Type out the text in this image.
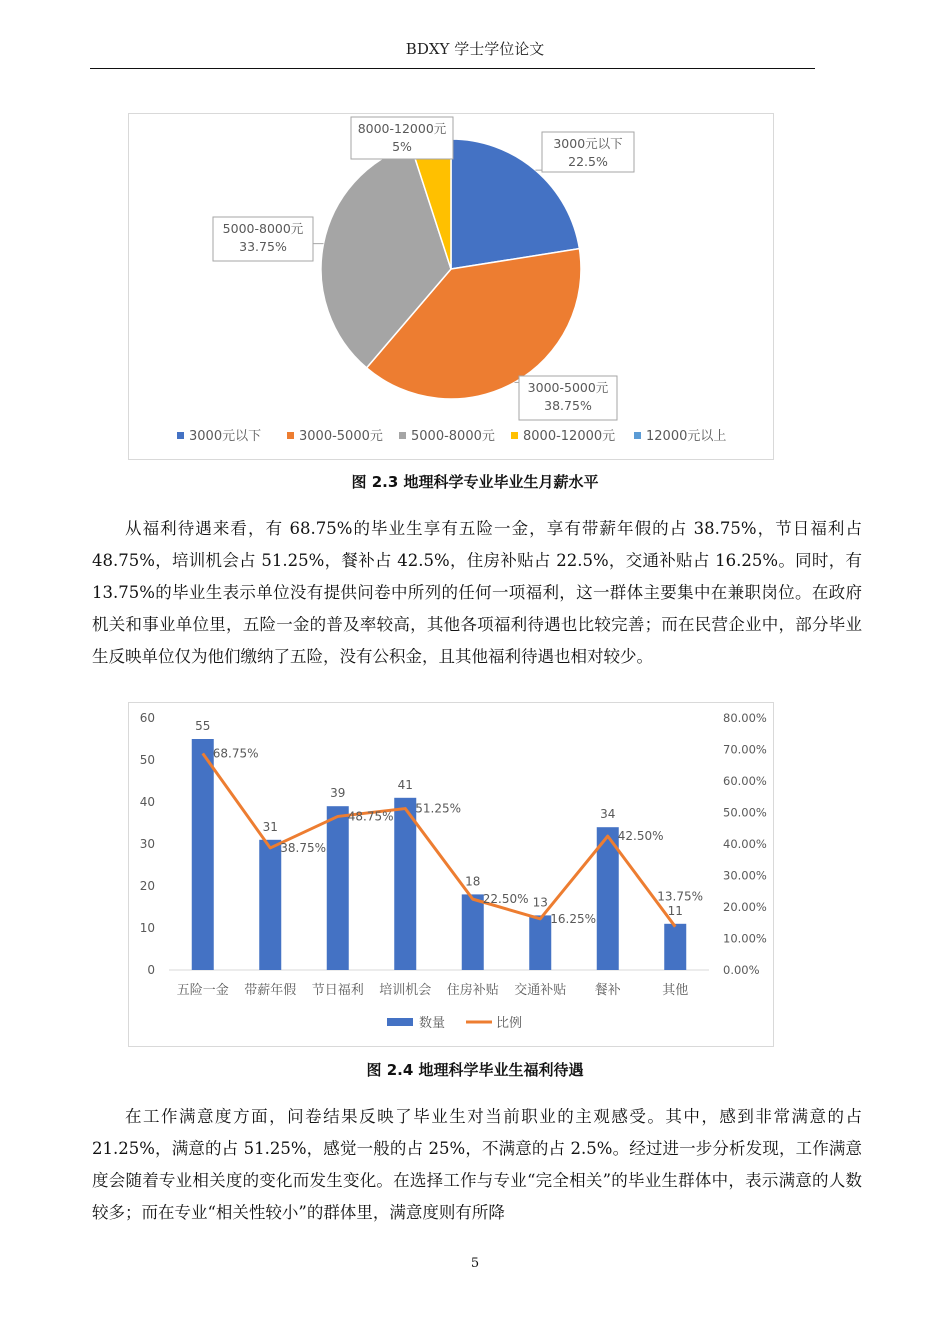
BDXY 学士学位论文
3000元以下
22.5%
3000-5000元
38.75%
5000-8000元
33.75%
8000-12000元
5%
3000元以下	3000-5000元 5000-8000元 8000-12000元 12000元以上
图 2.3 地理科学专业毕业生月薪水平
从福利待遇来看，有 68.75%的毕业生享有五险一金，享有带薪年假的占 38.75%，节日福利占 48.75%，培训机会占 51.25%，餐补占 42.5%，住房补贴占 22.5%，交通补贴占 16.25%。同时，有 13.75%的毕业生表示单位没有提供问卷中所列的任何一项福利，这一群体主要集中在兼职岗位。在政府机关和事业单位里，五险一金的普及率较高，其他各项福利待遇也比较完善；而在民营企业中，部分毕业生反映单位仅为他们缴纳了五险，没有公积金，且其他福利待遇也相对较少。
0
10
20
30
40
50
60
0.00%
10.00%
20.00%
30.00%
40.00%
50.00%
60.00%
70.00%
80.00%
55
五险一金
31
带薪年假
39
节日福利
41
培训机会
18
住房补贴
13
交通补贴
34
餐补
11
其他
68.75%
38.75%
48.75%
51.25%
22.50%
16.25%
42.50%
13.75%
数量	比例
图 2.4 地理科学毕业生福利待遇
在工作满意度方面，问卷结果反映了毕业生对当前职业的主观感受。其中，感到非常满意的占 21.25%，满意的占 51.25%，感觉一般的占 25%，不满意的占 2.5%。经过进一步分析发现，工作满意度会随着专业相关度的变化而发生变化。在选择工作与专业“完全相关”的毕业生群体中，表示满意的人数较多；而在专业“相关性较小”的群体里，满意度则有所降
5
